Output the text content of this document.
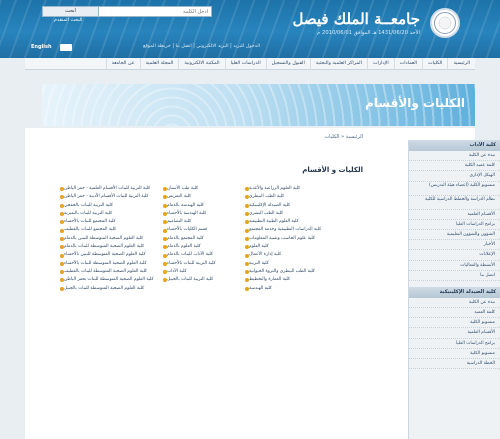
جامعــة الملك فيصل
الأحد 1431/06/20 هـ الموافق 2010/06/01 م
ابحث
ادخل الكلمة
البحث المتقدم
English	الدخول للبريد | البريد الالكتروني | اتصل بنا | خريطة الموقع
الرئيسية
الكليات
العمادات
الإدارات
المراكز العلمية والبحثية
القبول والتسجيل
الدراسات العليا
المكتبة الالكترونية
المجلة العلمية
عن الجامعة
الكليات والأقسام
الرئيسية « الكليات
الكليات و الأقسام
كلية العلوم الزراعية والأغذية
كلية الطب البيطري
كلية الصيدلة الإكلينيكية
كلية الطب البشري
كلية العلوم الطبية التطبيقية
كلية الدراسات التطبيقية وخدمة المجتمع
كلية علوم الحاسب وتقنية المعلومات
كلية العلوم
كلية إدارة الأعمال
كلية التربية
كلية الطب البيطري والثروة الحيوانية
كلية العمارة والتخطيط
كلية الهندسة
كلية طب الأسنان
كلية التمريض
كلية الهندسة بالدمام
كلية الهندسة بالأحساء
كلية التصاميم
قسم الكليات بالأحساء
كلية المجتمع بالدمام
كلية العلوم بالدمام
كلية الآداب للبنات بالدمام
كلية التربية للبنات بالأحساء
كلية الآداب
كلية التربية للبنات بالجبيل
كلية التربية للبنات الأقسام العلمية - حفر الباطن
كلية التربية للبنات الأقسام الأدبية - حفر الباطن
كلية التربية للبنات بالخفجي
كلية التربية للبنات بالنعيرية
كلية المجتمع للبنات بالأحساء
كلية المجتمع للبنات بالقطيف
كلية العلوم الصحية المتوسطة للبنين بالدمام
كلية العلوم الصحية المتوسطة للبنات بالدمام
كلية العلوم الصحية المتوسطة للبنين بالأحساء
كلية العلوم الصحية المتوسطة للبنات بالأحساء
كلية العلوم الصحية المتوسطة للبنات بالقطيف
كلية العلوم الصحية المتوسطة للبنات بحفر الباطن
كلية العلوم الصحية المتوسطة للبنات بالجبيل
كلية الآداب
نبذة عن الكلية
كلمة عميد الكلية
الهيكل الإداري
منسوبو الكلية (أعضاء هيئة التدريس)
نظام الدراسة والخطط الدراسية للكلية
الأقسام العلمية
برامج الدراسات العليا
الشؤون والشؤون التعليمية
الأخبار
الإعلانات
الأنشطة والفعاليات
اتصل بنا
كلية الصيدلة الإكلينيكية
نبذة عن الكلية
كلمة العميد
منسوبو الكلية
الأقسام العلمية
برامج الدراسات العليا
منسوبو الكلية
الخطة الدراسية
